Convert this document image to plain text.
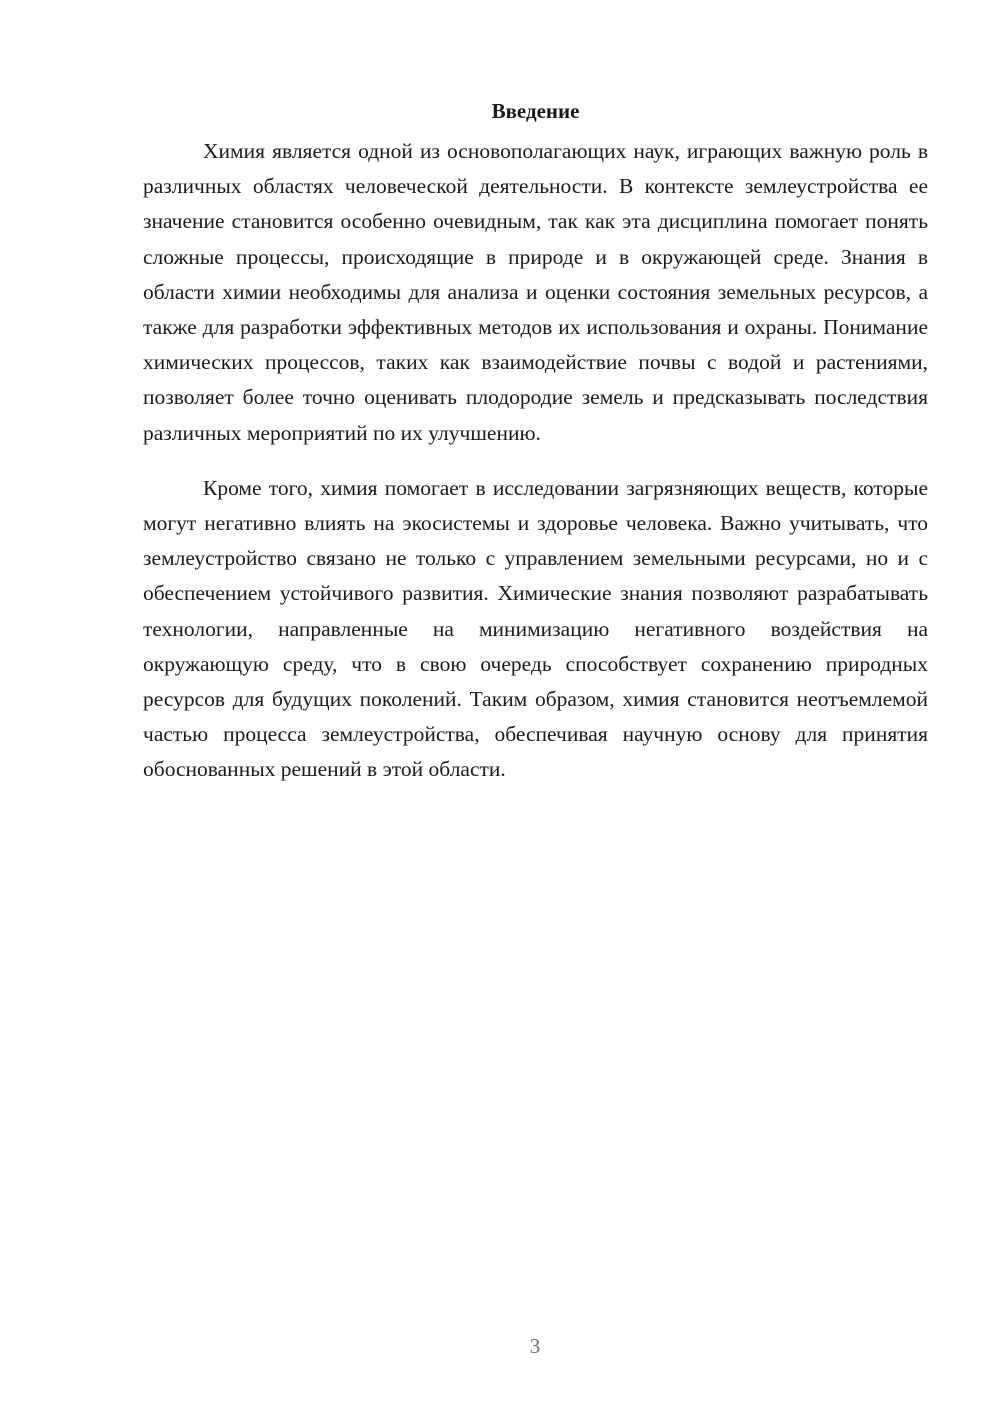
Введение

Химия является одной из основополагающих наук, играющих важную роль в различных областях человеческой деятельности. В контексте землеустройства ее значение становится особенно очевидным, так как эта дисциплина помогает понять сложные процессы, происходящие в природе и в окружающей среде. Знания в области химии необходимы для анализа и оценки состояния земельных ресурсов, а также для разработки эффективных методов их использования и охраны. Понимание химических процессов, таких как взаимодействие почвы с водой и растениями, позволяет более точно оценивать плодородие земель и предсказывать последствия различных мероприятий по их улучшению.

Кроме того, химия помогает в исследовании загрязняющих веществ, которые могут негативно влиять на экосистемы и здоровье человека. Важно учитывать, что землеустройство связано не только с управлением земельными ресурсами, но и с обеспечением устойчивого развития. Химические знания позволяют разрабатывать технологии, направленные на минимизацию негативного воздействия на окружающую среду, что в свою очередь способствует сохранению природных ресурсов для будущих поколений. Таким образом, химия становится неотъемлемой частью процесса землеустройства, обеспечивая научную основу для принятия обоснованных решений в этой области.

3
